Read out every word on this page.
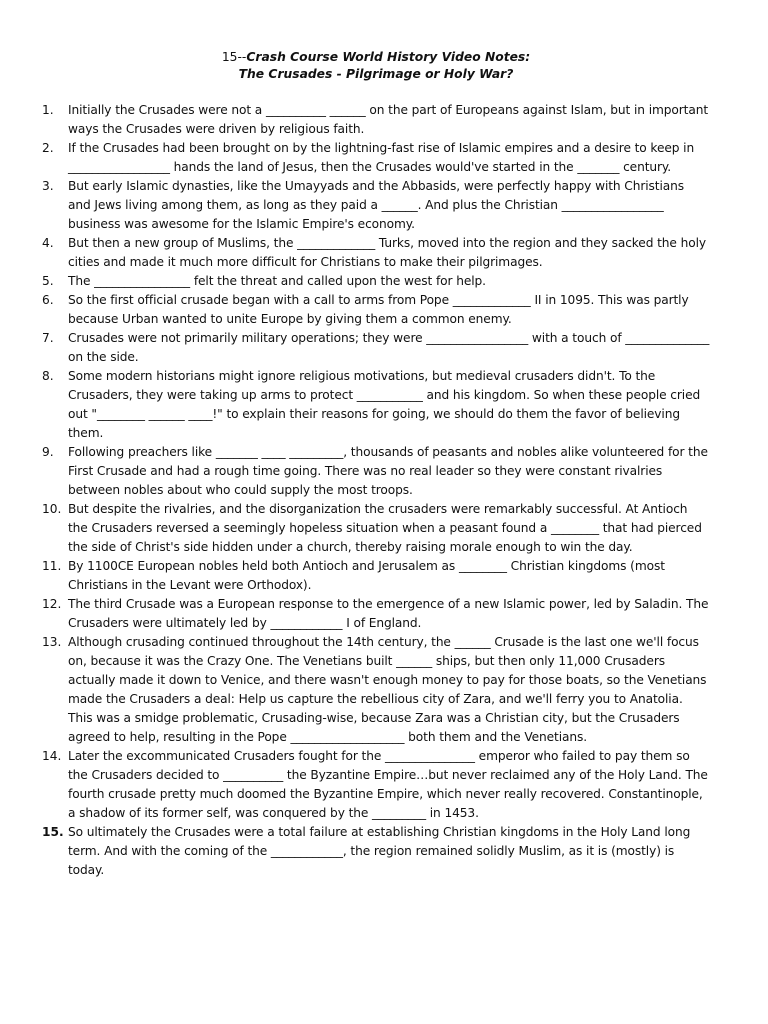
15--Crash Course World History Video Notes:
The Crusades - Pilgrimage or Holy War?
1.	Initially the Crusades were not a __________ ______ on the part of Europeans against Islam, but in important ways the Crusades were driven by religious faith.
2.	If the Crusades had been brought on by the lightning-fast rise of Islamic empires and a desire to keep in _________________ hands the land of Jesus, then the Crusades would've started in the _______ century.
3.	But early Islamic dynasties, like the Umayyads and the Abbasids, were perfectly happy with Christians and Jews living among them, as long as they paid a ______. And plus the Christian _________________ business was awesome for the Islamic Empire's economy.
4.	But then a new group of Muslims, the _____________ Turks, moved into the region and they sacked the holy cities and made it much more difficult for Christians to make their pilgrimages.
5.	The ________________ felt the threat and called upon the west for help.
6.	So the first official crusade began with a call to arms from Pope _____________ II in 1095. This was partly because Urban wanted to unite Europe by giving them a common enemy.
7.	Crusades were not primarily military operations; they were _________________ with a touch of ______________ on the side.
8.	Some modern historians might ignore religious motivations, but medieval crusaders didn't. To the Crusaders, they were taking up arms to protect ___________ and his kingdom. So when these people cried out "________ ______ ____!" to explain their reasons for going, we should do them the favor of believing them.
9.	Following preachers like _______ ____ _________, thousands of peasants and nobles alike volunteered for the First Crusade and had a rough time going. There was no real leader so they were constant rivalries between nobles about who could supply the most troops.
10. But despite the rivalries, and the disorganization the crusaders were remarkably successful. At Antioch the Crusaders reversed a seemingly hopeless situation when a peasant found a ________ that had pierced the side of Christ's side hidden under a church, thereby raising morale enough to win the day.
11. By 1100CE European nobles held both Antioch and Jerusalem as ________ Christian kingdoms (most Christians in the Levant were Orthodox).
12. The third Crusade was a European response to the emergence of a new Islamic power, led by Saladin. The Crusaders were ultimately led by ____________ I of England.
13. Although crusading continued throughout the 14th century, the ______ Crusade is the last one we'll focus on, because it was the Crazy One. The Venetians built ______ ships, but then only 11,000 Crusaders actually made it down to Venice, and there wasn't enough money to pay for those boats, so the Venetians made the Crusaders a deal: Help us capture the rebellious city of Zara, and we'll ferry you to Anatolia. This was a smidge problematic, Crusading-wise, because Zara was a Christian city, but the Crusaders agreed to help, resulting in the Pope ___________________ both them and the Venetians.
14. Later the excommunicated Crusaders fought for the _______________ emperor who failed to pay them so the Crusaders decided to __________ the Byzantine Empire…but never reclaimed any of the Holy Land. The fourth crusade pretty much doomed the Byzantine Empire, which never really recovered. Constantinople, a shadow of its former self, was conquered by the _________ in 1453.
15. So ultimately the Crusades were a total failure at establishing Christian kingdoms in the Holy Land long term. And with the coming of the ____________, the region remained solidly Muslim, as it is (mostly) is today.
